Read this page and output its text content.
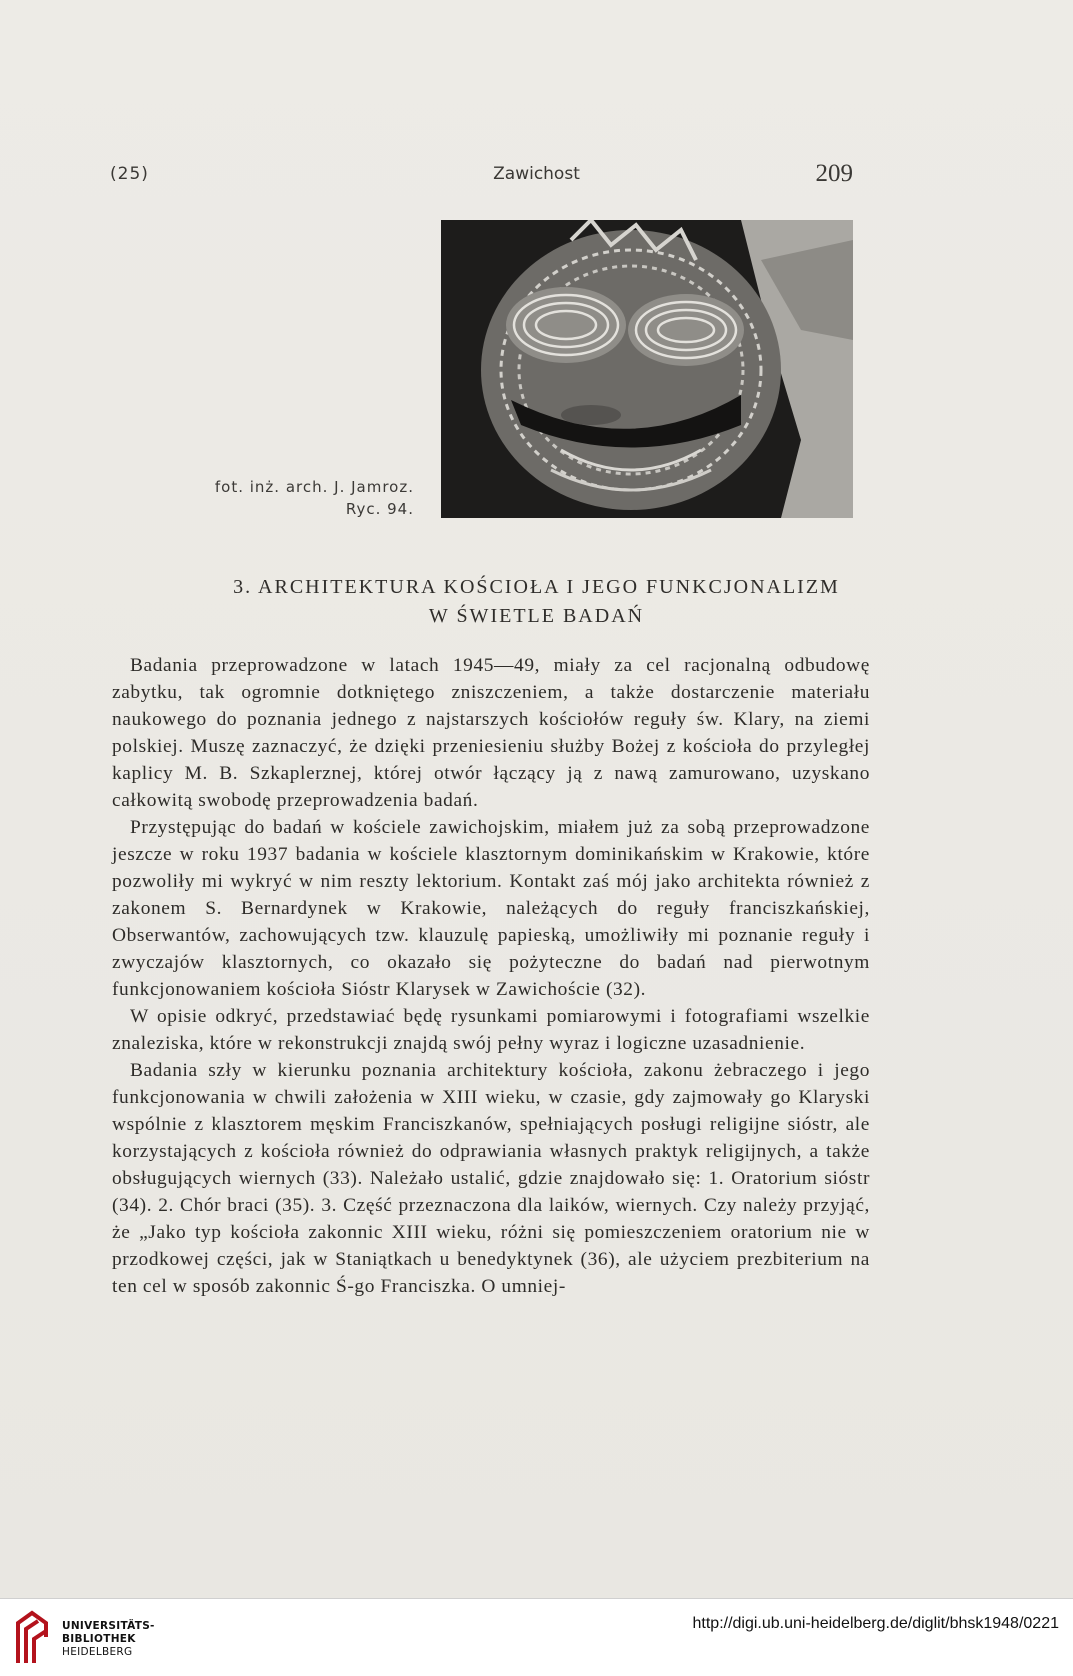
(25)	Zawichost	209
fot. inż. arch. J. Jamroz.
Ryc. 94.
3. ARCHITEKTURA KOŚCIOŁA I JEGO FUNKCJONALIZM
W ŚWIETLE BADAŃ

Badania przeprowadzone w latach 1945—49, miały za cel racjonalną odbudowę zabytku, tak ogromnie dotkniętego zniszczeniem, a także dostarczenie materiału naukowego do poznania jednego z najstarszych kościołów reguły św. Klary, na ziemi polskiej. Muszę zaznaczyć, że dzięki przeniesieniu służby Bożej z kościoła do przyległej kaplicy M. B. Szkaplerznej, której otwór łączący ją z nawą zamurowano, uzyskano całkowitą swobodę przeprowadzenia badań.

Przystępując do badań w kościele zawichojskim, miałem już za sobą przeprowadzone jeszcze w roku 1937 badania w kościele klasztornym dominikańskim w Krakowie, które pozwoliły mi wykryć w nim reszty lektorium. Kontakt zaś mój jako architekta również z zakonem S. Bernardynek w Krakowie, należących do reguły franciszkańskiej, Obserwantów, zachowujących tzw. klauzulę papieską, umożliwiły mi poznanie reguły i zwyczajów klasztornych, co okazało się pożyteczne do badań nad pierwotnym funkcjonowaniem kościoła Sióstr Klarysek w Zawichoście (32).

W opisie odkryć, przedstawiać będę rysunkami pomiarowymi i fotografiami wszelkie znaleziska, które w rekonstrukcji znajdą swój pełny wyraz i logiczne uzasadnienie.

Badania szły w kierunku poznania architektury kościoła, zakonu żebraczego i jego funkcjonowania w chwili założenia w XIII wieku, w czasie, gdy zajmowały go Klaryski wspólnie z klasztorem męskim Franciszkanów, spełniających posługi religijne sióstr, ale korzystających z kościoła również do odprawiania własnych praktyk religijnych, a także obsługujących wiernych (33). Należało ustalić, gdzie znajdowało się: 1. Oratorium sióstr (34). 2. Chór braci (35). 3. Część przeznaczona dla laików, wiernych. Czy należy przyjąć, że „Jako typ kościoła zakonnic XIII wieku, różni się pomieszczeniem oratorium nie w przodkowej części, jak w Staniątkach u benedyktynek (36), ale użyciem prezbiterium na ten cel w sposób zakonnic Ś-go Franciszka. O umniej-

UNIVERSITÄTS-
BIBLIOTHEK
HEIDELBERG
http://digi.ub.uni-heidelberg.de/diglit/bhsk1948/0221
